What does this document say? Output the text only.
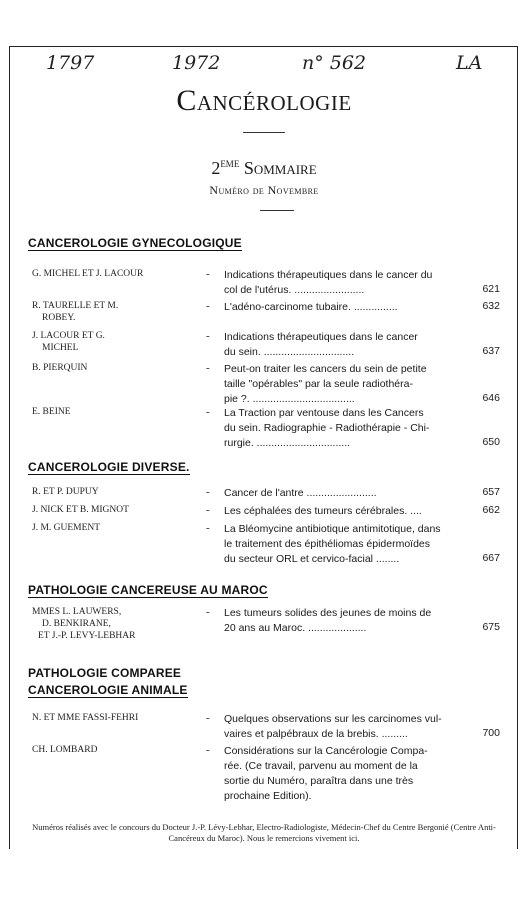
1797	1972	n° 562	LA
Cancérologie
2EME Sommaire
Numéro de Novembre
CANCEROLOGIE GYNECOLOGIQUE
G. MICHEL ET J. LACOUR	- Indications thérapeutiques dans le cancer du
col de l'utérus. ........................	621
R. TAURELLE ET M.
ROBEY.
- L'adéno-carcinome tubaire. ...............	632
J. LACOUR ET G.
MICHEL
- Indications thérapeutiques dans le cancer
du sein. ...............................	637
B. PIERQUIN	- Peut-on traiter les cancers du sein de petite
taille "opérables" par la seule radiothéra-
pie ?. ...................................	646
E. BEINE	- La Traction par ventouse dans les Cancers
du sein. Radiographie - Radiothérapie - Chi-
rurgie. ................................	650
CANCEROLOGIE DIVERSE.
R. ET P. DUPUY	- Cancer de l'antre ........................	657
J. NICK ET B. MIGNOT	- Les céphalées des tumeurs cérébrales. ....	662
J. M. GUEMENT	- La Bléomycine antibiotique antimitotique, dans
le traitement des épithéliomas épidermoïdes
du secteur ORL et cervico-facial ........	667
PATHOLOGIE CANCEREUSE AU MAROC
MMES L. LAUWERS,
D. BENKIRANE,
ET J.-P. LEVY-LEBHAR
- Les tumeurs solides des jeunes de moins de
20 ans au Maroc. ....................	675
PATHOLOGIE COMPAREE
CANCEROLOGIE ANIMALE
N. ET MME FASSI-FEHRI	- Quelques observations sur les carcinomes vul-
vaires et palpébraux de la brebis. .........	700
CH. LOMBARD	- Considérations sur la Cancérologie Compa-
rée. (Ce travail, parvenu au moment de la
sortie du Numéro, paraîtra dans une très
prochaine Edition).
Numéros réalisés avec le concours du Docteur J.-P. Lévy-Lebhar, Electro-Radiologiste, Médecin-Chef du Centre Bergonié (Centre Anti-Cancéreux du Maroc). Nous le remercions vivement ici.
